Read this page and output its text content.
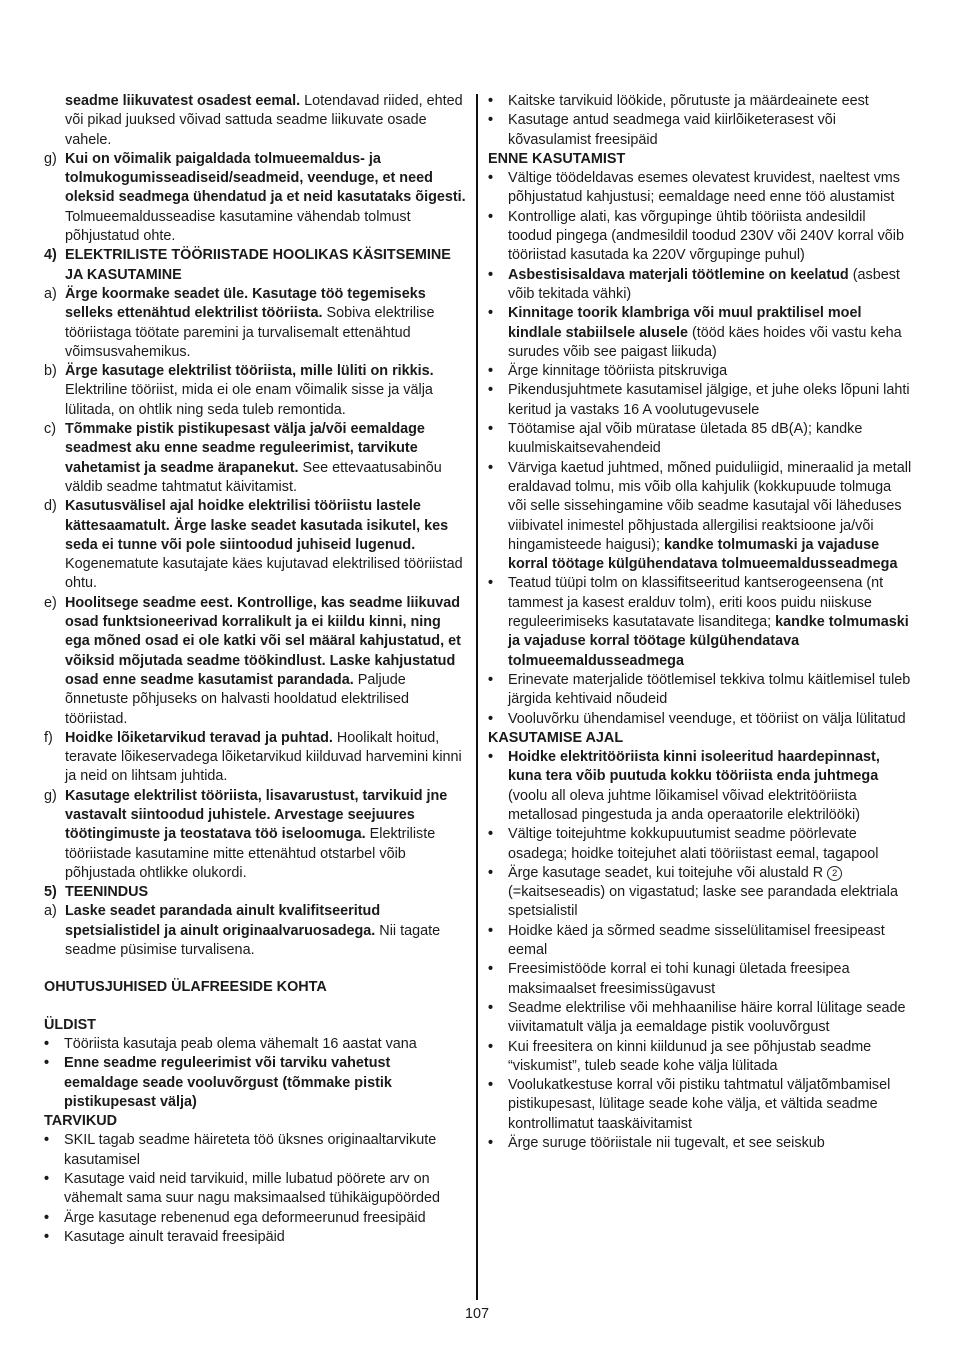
seadme liikuvatest osadest eemal. Lotendavad riided, ehted või pikad juuksed võivad sattuda seadme liikuvate osade vahele.
g) Kui on võimalik paigaldada tolmueemaldus- ja tolmukogumisseadiseid/seadmeid, veenduge, et need oleksid seadmega ühendatud ja et neid kasutataks õigesti. Tolmueemaldusseadise kasutamine vähendab tolmust põhjustatud ohte.
4) ELEKTRILISTE TÖÖRIISTADE HOOLIKAS KÄSITSEMINE JA KASUTAMINE
a) Ärge koormake seadet üle. Kasutage töö tegemiseks selleks ettenähtud elektrilist tööriista. Sobiva elektrilise tööriistaga töötate paremini ja turvalisemalt ettenähtud võimsusvahemikus.
b) Ärge kasutage elektrilist tööriista, mille lüliti on rikkis. Elektriline tööriist, mida ei ole enam võimalik sisse ja välja lülitada, on ohtlik ning seda tuleb remontida.
c) Tõmmake pistik pistikupesast välja ja/või eemaldage seadmest aku enne seadme reguleerimist, tarvikute vahetamist ja seadme ärapanekut. See ettevaatusabinõu väldib seadme tahtmatut käivitamist.
d) Kasutusvälisel ajal hoidke elektrilisi tööriistu lastele kättesaamatult. Ärge laske seadet kasutada isikutel, kes seda ei tunne või pole siintoodud juhiseid lugenud. Kogenematute kasutajate käes kujutavad elektrilised tööriistad ohtu.
e) Hoolitsege seadme eest. Kontrollige, kas seadme liikuvad osad funktsioneerivad korralikult ja ei kiildu kinni, ning ega mõned osad ei ole katki või sel määral kahjustatud, et võiksid mõjutada seadme töökindlust. Laske kahjustatud osad enne seadme kasutamist parandada. Paljude õnnetuste põhjuseks on halvasti hooldatud elektrilised tööriistad.
f) Hoidke lõiketarvikud teravad ja puhtad. Hoolikalt hoitud, teravate lõikeservadega lõiketarvikud kiilduvad harvemini kinni ja neid on lihtsam juhtida.
g) Kasutage elektrilist tööriista, lisavarustust, tarvikuid jne vastavalt siintoodud juhistele. Arvestage seejuures töötingimuste ja teostatava töö iseloomuga. Elektriliste tööriistade kasutamine mitte ettenähtud otstarbel võib põhjustada ohtlikke olukordi.
5) TEENINDUS
a) Laske seadet parandada ainult kvalifitseeritud spetsialistidel ja ainult originaalvaruosadega. Nii tagate seadme püsimise turvalisena.
OHUTUSJUHISED ÜLAFREESIDE KOHTA
ÜLDIST
• Tööriista kasutaja peab olema vähemalt 16 aastat vana
• Enne seadme reguleerimist või tarviku vahetust eemaldage seade vooluvõrgust (tõmmake pistik pistikupesast välja)
TARVIKUD
• SKIL tagab seadme häireteta töö üksnes originaaltarvikute kasutamisel
• Kasutage vaid neid tarvikuid, mille lubatud pöörete arv on vähemalt sama suur nagu maksimaalsed tühikäigupöörded
• Ärge kasutage rebenenud ega deformeerunud freesipäid
• Kasutage ainult teravaid freesipäid
• Kaitske tarvikuid löökide, põrutuste ja määrdeainete eest
• Kasutage antud seadmega vaid kiirlõiketerasest või kõvasulamist freesipäid
ENNE KASUTAMIST
• Vältige töödeldavas esemes olevatest kruvidest, naeltest vms põhjustatud kahjustusi; eemaldage need enne töö alustamist
• Kontrollige alati, kas võrgupinge ühtib tööriista andesildil toodud pingega (andmesildil toodud 230V või 240V korral võib tööriistad kasutada ka 220V võrgupinge puhul)
• Asbestisisaldava materjali töötlemine on keelatud (asbest võib tekitada vähki)
• Kinnitage toorik klambriga või muul praktilisel moel kindlale stabiilsele alusele (tööd käes hoides või vastu keha surudes võib see paigast liikuda)
• Ärge kinnitage tööriista pitskruviga
• Pikendusjuhtmete kasutamisel jälgige, et juhe oleks lõpuni lahti keritud ja vastaks 16 A voolutugevusele
• Töötamise ajal võib müratase ületada 85 dB(A); kandke kuulmiskaitsevahendeid
• Värviga kaetud juhtmed, mõned puiduliigid, mineraalid ja metall eraldavad tolmu, mis võib olla kahjulik (kokkupuude tolmuga või selle sissehingamine võib seadme kasutajal või läheduses viibivatel inimestel põhjustada allergilisi reaktsioone ja/või hingamisteede haigusi); kandke tolmumaski ja vajaduse korral töötage külgühendatava tolmueemaldusseadmega
• Teatud tüüpi tolm on klassifitseeritud kantserogeensena (nt tammest ja kasest eralduv tolm), eriti koos puidu niiskuse reguleerimiseks kasutatavate lisanditega; kandke tolmumaski ja vajaduse korral töötage külgühendatava tolmueemaldusseadmega
• Erinevate materjalide töötlemisel tekkiva tolmu käitlemisel tuleb järgida kehtivaid nõudeid
• Vooluvõrku ühendamisel veenduge, et tööriist on välja lülitatud
KASUTAMISE AJAL
• Hoidke elektritööriista kinni isoleeritud haardepinnast, kuna tera võib puutuda kokku tööriista enda juhtmega (voolu all oleva juhtme lõikamisel võivad elektritööriista metallosad pingestuda ja anda operaatorile elektrilööki)
• Vältige toitejuhtme kokkupuutumist seadme pöörlevate osadega; hoidke toitejuhet alati tööriistast eemal, tagapool
• Ärge kasutage seadet, kui toitejuhe või alustald R 2 (=kaitseseadis) on vigastatud; laske see parandada elektriala spetsialistil
• Hoidke käed ja sõrmed seadme sisselülitamisel freesipeast eemal
• Freesimistööde korral ei tohi kunagi ületada freesipea maksimaalset freesimissügavust
• Seadme elektrilise või mehhaanilise häire korral lülitage seade viivitamatult välja ja eemaldage pistik vooluvõrgust
• Kui freesitera on kinni kiildunud ja see põhjustab seadme “viskumist”, tuleb seade kohe välja lülitada
• Voolukatkestuse korral või pistiku tahtmatul väljatõmbamisel pistikupesast, lülitage seade kohe välja, et vältida seadme kontrollimatut taaskäivitamist
• Ärge suruge tööriistale nii tugevalt, et see seiskub
107
